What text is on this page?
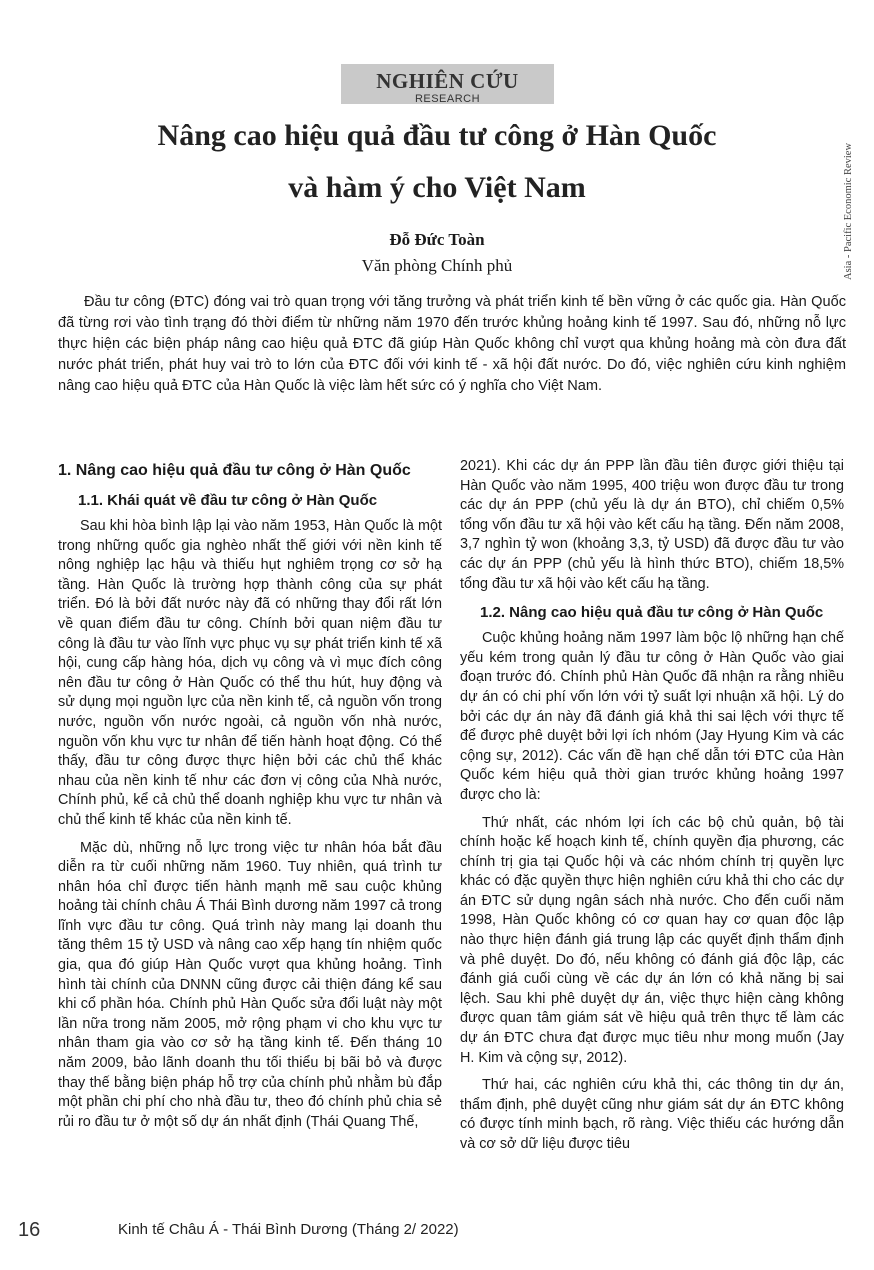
NGHIÊN CỨU
RESEARCH
Asia - Pacific Economic Review
Nâng cao hiệu quả đầu tư công ở Hàn Quốc
và hàm ý cho Việt Nam
Đỗ Đức Toàn
Văn phòng Chính phủ

Đầu tư công (ĐTC) đóng vai trò quan trọng với tăng trưởng và phát triển kinh tế bền vững ở các quốc gia. Hàn Quốc đã từng rơi vào tình trạng đó thời điểm từ những năm 1970 đến trước khủng hoảng kinh tế 1997. Sau đó, những nỗ lực thực hiện các biện pháp nâng cao hiệu quả ĐTC đã giúp Hàn Quốc không chỉ vượt qua khủng hoảng mà còn đưa đất nước phát triển, phát huy vai trò to lớn của ĐTC đối với kinh tế - xã hội đất nước. Do đó, việc nghiên cứu kinh nghiệm nâng cao hiệu quả ĐTC của Hàn Quốc là việc làm hết sức có ý nghĩa cho Việt Nam.

1. Nâng cao hiệu quả đầu tư công ở Hàn Quốc
1.1. Khái quát về đầu tư công ở Hàn Quốc

Sau khi hòa bình lập lại vào năm 1953, Hàn Quốc là một trong những quốc gia nghèo nhất thế giới với nền kinh tế nông nghiệp lạc hậu và thiếu hụt nghiêm trọng cơ sở hạ tầng. Hàn Quốc là trường hợp thành công của sự phát triển. Đó là bởi đất nước này đã có những thay đổi rất lớn về quan điểm đầu tư công. Chính bởi quan niệm đầu tư công là đầu tư vào lĩnh vực phục vụ sự phát triển kinh tế xã hội, cung cấp hàng hóa, dịch vụ công và vì mục đích công nên đầu tư công ở Hàn Quốc có thể thu hút, huy động và sử dụng mọi nguồn lực của nền kinh tế, cả nguồn vốn trong nước, nguồn vốn nước ngoài, cả nguồn vốn nhà nước, nguồn vốn khu vực tư nhân để tiến hành hoạt động. Có thể thấy, đầu tư công được thực hiện bởi các chủ thể khác nhau của nền kinh tế như các đơn vị công của Nhà nước, Chính phủ, kể cả chủ thể doanh nghiệp khu vực tư nhân và chủ thể kinh tế khác của nền kinh tế.

Mặc dù, những nỗ lực trong việc tư nhân hóa bắt đầu diễn ra từ cuối những năm 1960. Tuy nhiên, quá trình tư nhân hóa chỉ được tiến hành mạnh mẽ sau cuộc khủng hoảng tài chính châu Á Thái Bình dương năm 1997 cả trong lĩnh vực đầu tư công. Quá trình này mang lại doanh thu tăng thêm 15 tỷ USD và nâng cao xếp hạng tín nhiệm quốc gia, qua đó giúp Hàn Quốc vượt qua khủng hoảng. Tình hình tài chính của DNNN cũng được cải thiện đáng kể sau khi cổ phần hóa. Chính phủ Hàn Quốc sửa đổi luật này một lần nữa trong năm 2005, mở rộng phạm vi cho khu vực tư nhân tham gia vào cơ sở hạ tầng kinh tế. Đến tháng 10 năm 2009, bảo lãnh doanh thu tối thiểu bị bãi bỏ và được thay thế bằng biện pháp hỗ trợ của chính phủ nhằm bù đắp một phần chi phí cho nhà đầu tư, theo đó chính phủ chia sẻ rủi ro đầu tư ở một số dự án nhất định (Thái Quang Thế,

2021). Khi các dự án PPP lần đầu tiên được giới thiệu tại Hàn Quốc vào năm 1995, 400 triệu won được đầu tư trong các dự án PPP (chủ yếu là dự án BTO), chỉ chiếm 0,5% tổng vốn đầu tư xã hội vào kết cấu hạ tầng. Đến năm 2008, 3,7 nghìn tỷ won (khoảng 3,3, tỷ USD) đã được đầu tư vào các dự án PPP (chủ yếu là hình thức BTO), chiếm 18,5% tổng đầu tư xã hội vào kết cấu hạ tầng.

1.2. Nâng cao hiệu quả đầu tư công ở Hàn Quốc

Cuộc khủng hoảng năm 1997 làm bộc lộ những hạn chế yếu kém trong quản lý đầu tư công ở Hàn Quốc vào giai đoạn trước đó. Chính phủ Hàn Quốc đã nhận ra rằng nhiều dự án có chi phí vốn lớn với tỷ suất lợi nhuận xã hội. Lý do bởi các dự án này đã đánh giá khả thi sai lệch với thực tế để được phê duyệt bởi lợi ích nhóm (Jay Hyung Kim và các cộng sự, 2012). Các vấn đề hạn chế dẫn tới ĐTC của Hàn Quốc kém hiệu quả thời gian trước khủng hoảng 1997 được cho là:

Thứ nhất, các nhóm lợi ích các bộ chủ quản, bộ tài chính hoặc kế hoạch kinh tế, chính quyền địa phương, các chính trị gia tại Quốc hội và các nhóm chính trị quyền lực khác có đặc quyền thực hiện nghiên cứu khả thi cho các dự án ĐTC sử dụng ngân sách nhà nước. Cho đến cuối năm 1998, Hàn Quốc không có cơ quan hay cơ quan độc lập nào thực hiện đánh giá trung lập các quyết định thẩm định và phê duyệt. Do đó, nếu không có đánh giá độc lập, các đánh giá cuối cùng về các dự án lớn có khả năng bị sai lệch. Sau khi phê duyệt dự án, việc thực hiện càng không được quan tâm giám sát về hiệu quả trên thực tế làm các dự án ĐTC chưa đạt được mục tiêu như mong muốn (Jay H. Kim và cộng sự, 2012).

Thứ hai, các nghiên cứu khả thi, các thông tin dự án, thẩm định, phê duyệt cũng như giám sát dự án ĐTC không có được tính minh bạch, rõ ràng. Việc thiếu các hướng dẫn và cơ sở dữ liệu được tiêu

16	Kinh tế Châu Á - Thái Bình Dương (Tháng 2/ 2022)
